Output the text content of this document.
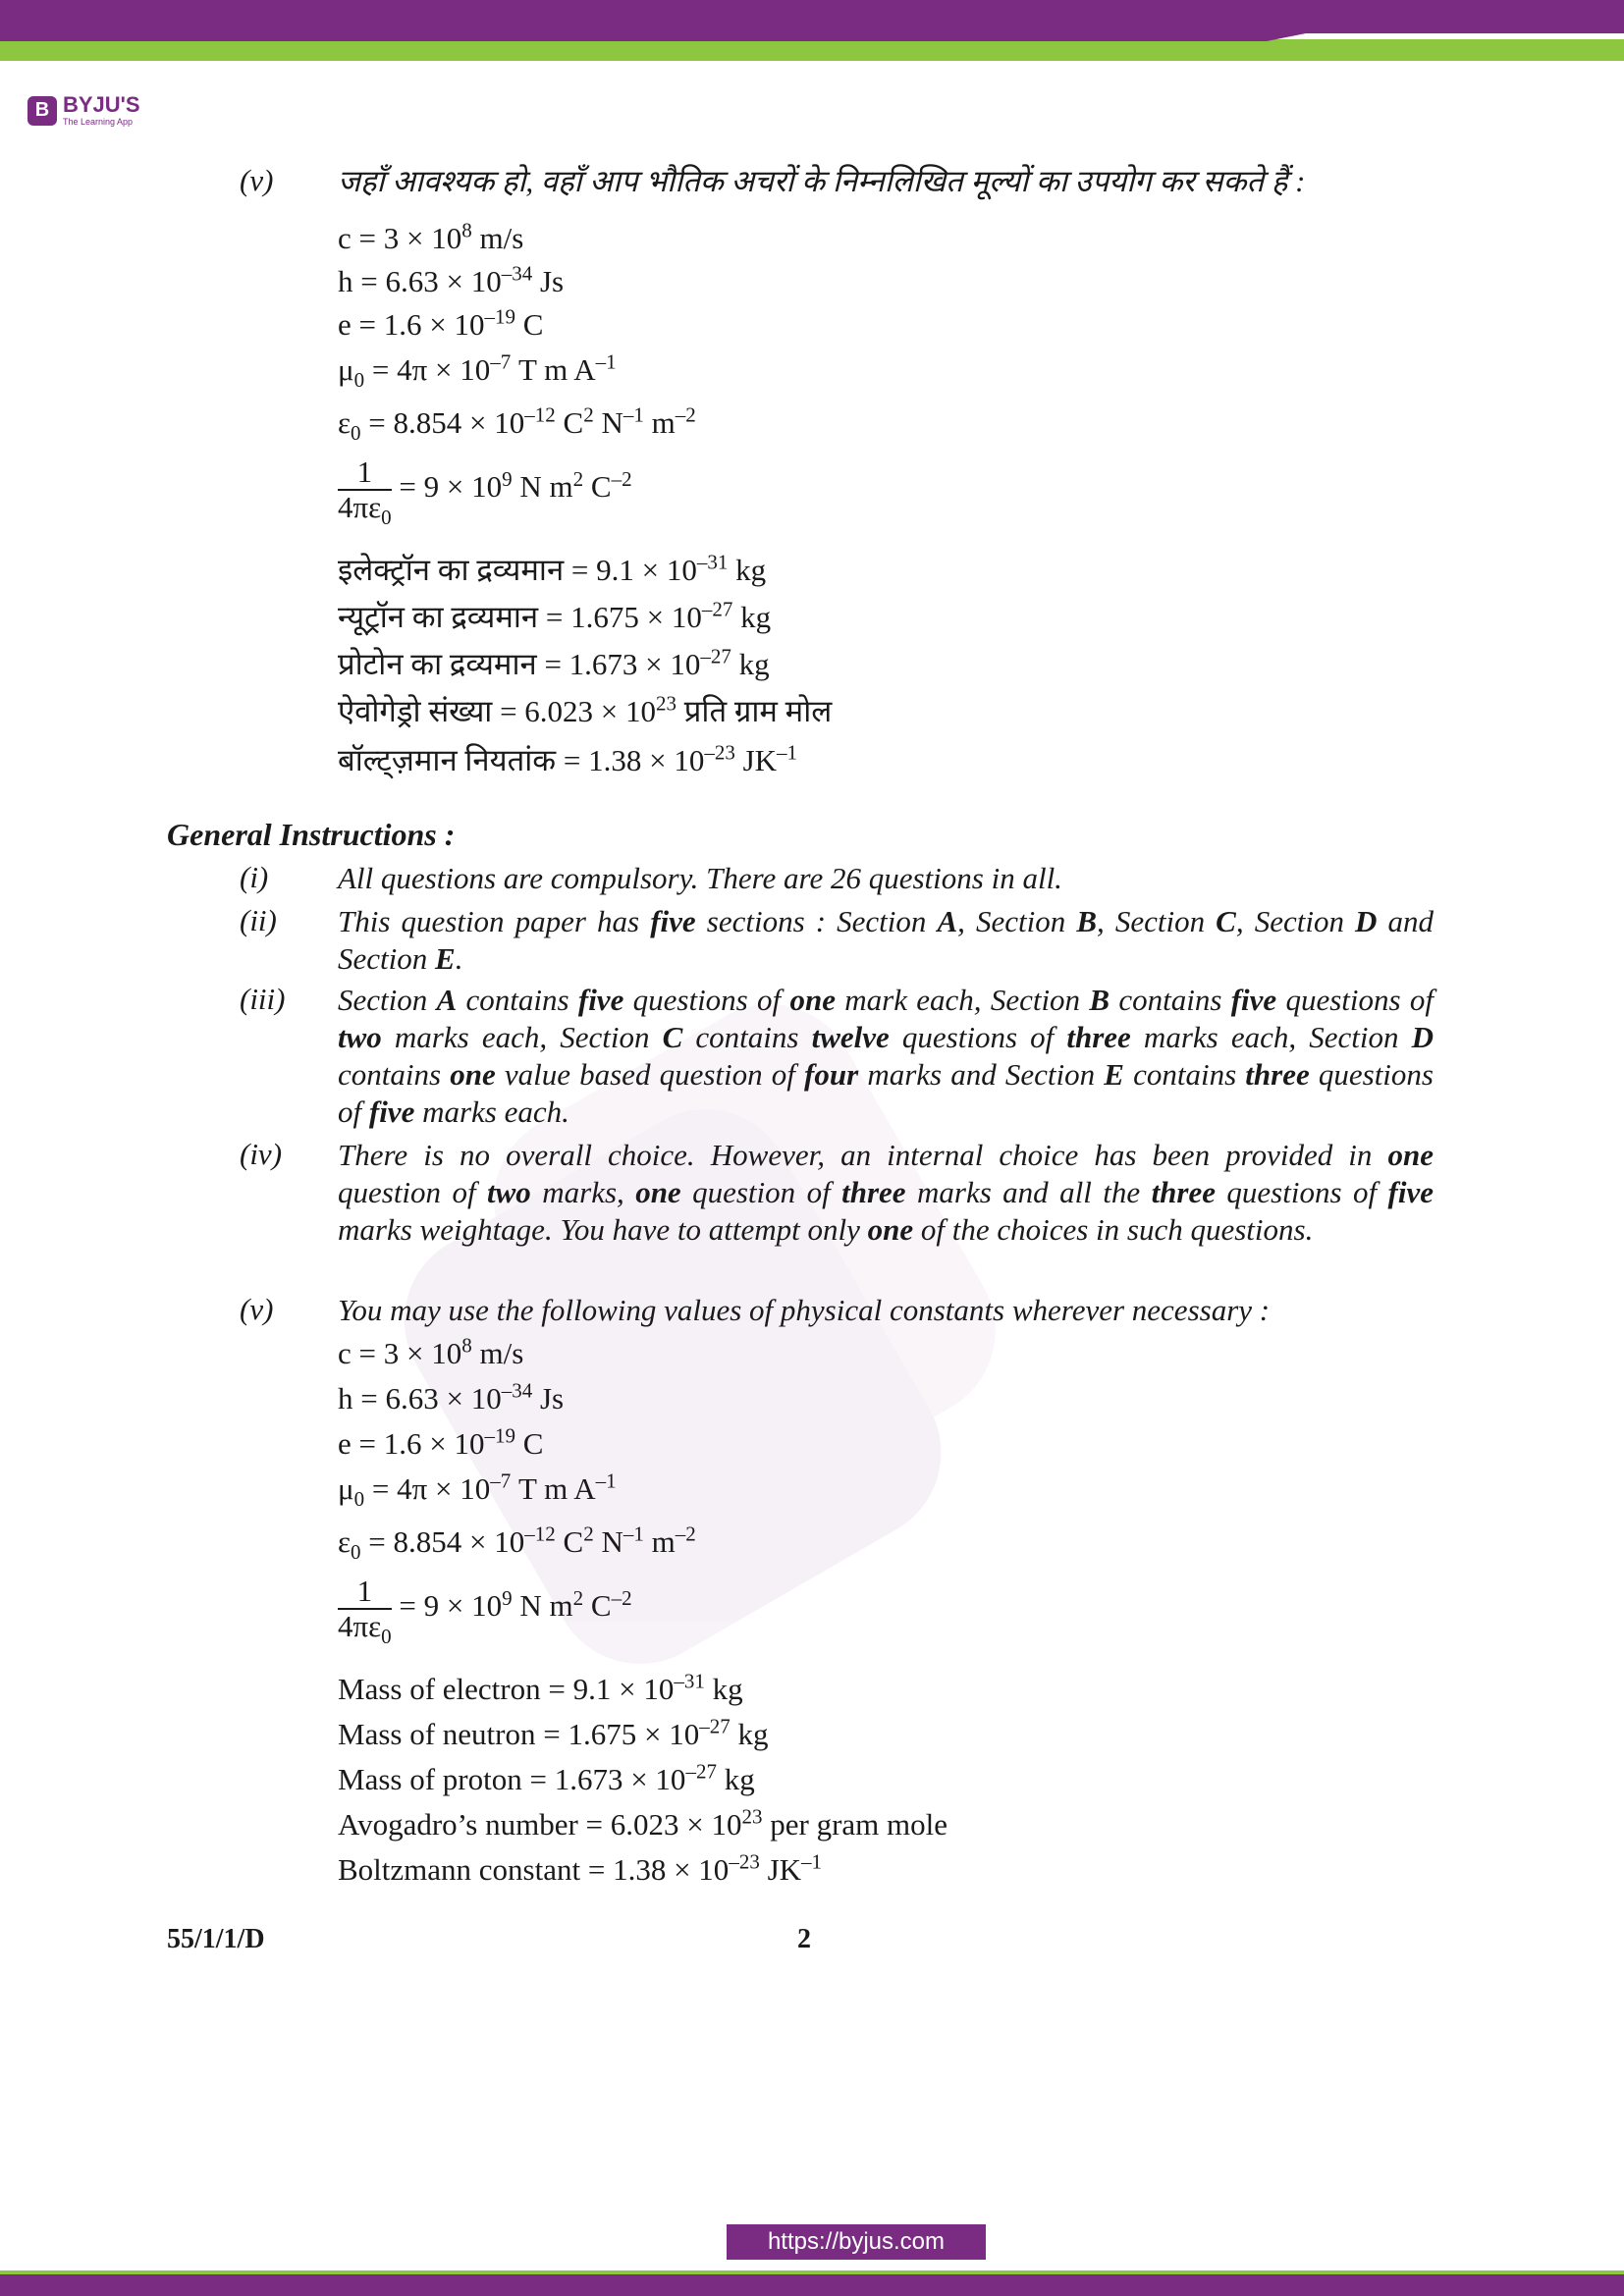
B BYJU'S
The Learning App
(v) जहाँ आवश्यक हो, वहाँ आप भौतिक अचरों के निम्नलिखित मूल्यों का उपयोग कर सकते हैं :
$c = 3 \times 10^8$ m/s
$h = 6.63 \times 10^{-34}$ Js
$e = 1.6 \times 10^{-19}$ C
$\mu_0 = 4\pi \times 10^{-7}$ T m $A^{-1}$
$\varepsilon_0 = 8.854 \times 10^{-12}$ $C^2$ $N^{-1}$ $m^{-2}$
$\frac{1}{4\pi\varepsilon_0} = 9 \times 10^9$ N $m^2$ $C^{-2}$
इलेक्ट्रॉन का द्रव्यमान = $9.1 \times 10^{-31}$ kg
न्यूट्रॉन का द्रव्यमान = $1.675 \times 10^{-27}$ kg
प्रोटोन का द्रव्यमान = $1.673 \times 10^{-27}$ kg
ऐवोगेड्रो संख्या = $6.023 \times 10^{23}$ प्रति ग्राम मोल
बॉल्ट्ज़मान नियतांक = $1.38 \times 10^{-23}$ $JK^{-1}$
General Instructions :
(i) All questions are compulsory. There are 26 questions in all.
(ii) This question paper has five sections : Section A, Section B, Section C, Section D and Section E.
(iii) Section A contains five questions of one mark each, Section B contains five questions of two marks each, Section C contains twelve questions of three marks each, Section D contains one value based question of four marks and Section E contains three questions of five marks each.
(iv) There is no overall choice. However, an internal choice has been provided in one question of two marks, one question of three marks and all the three questions of five marks weightage. You have to attempt only one of the choices in such questions.
(v) You may use the following values of physical constants wherever necessary :
$c = 3 \times 10^8$ m/s
$h = 6.63 \times 10^{-34}$ Js
$e = 1.6 \times 10^{-19}$ C
$\mu_0 = 4\pi \times 10^{-7}$ T m $A^{-1}$
$\varepsilon_0 = 8.854 \times 10^{-12}$ $C^2$ $N^{-1}$ $m^{-2}$
$\frac{1}{4\pi\varepsilon_0} = 9 \times 10^9$ N $m^2$ $C^{-2}$
Mass of electron = $9.1 \times 10^{-31}$ kg
Mass of neutron = $1.675 \times 10^{-27}$ kg
Mass of proton = $1.673 \times 10^{-27}$ kg
Avogadro’s number = $6.023 \times 10^{23}$ per gram mole
Boltzmann constant = $1.38 \times 10^{-23}$ $JK^{-1}$
55/1/1/D	2
https://byjus.com
